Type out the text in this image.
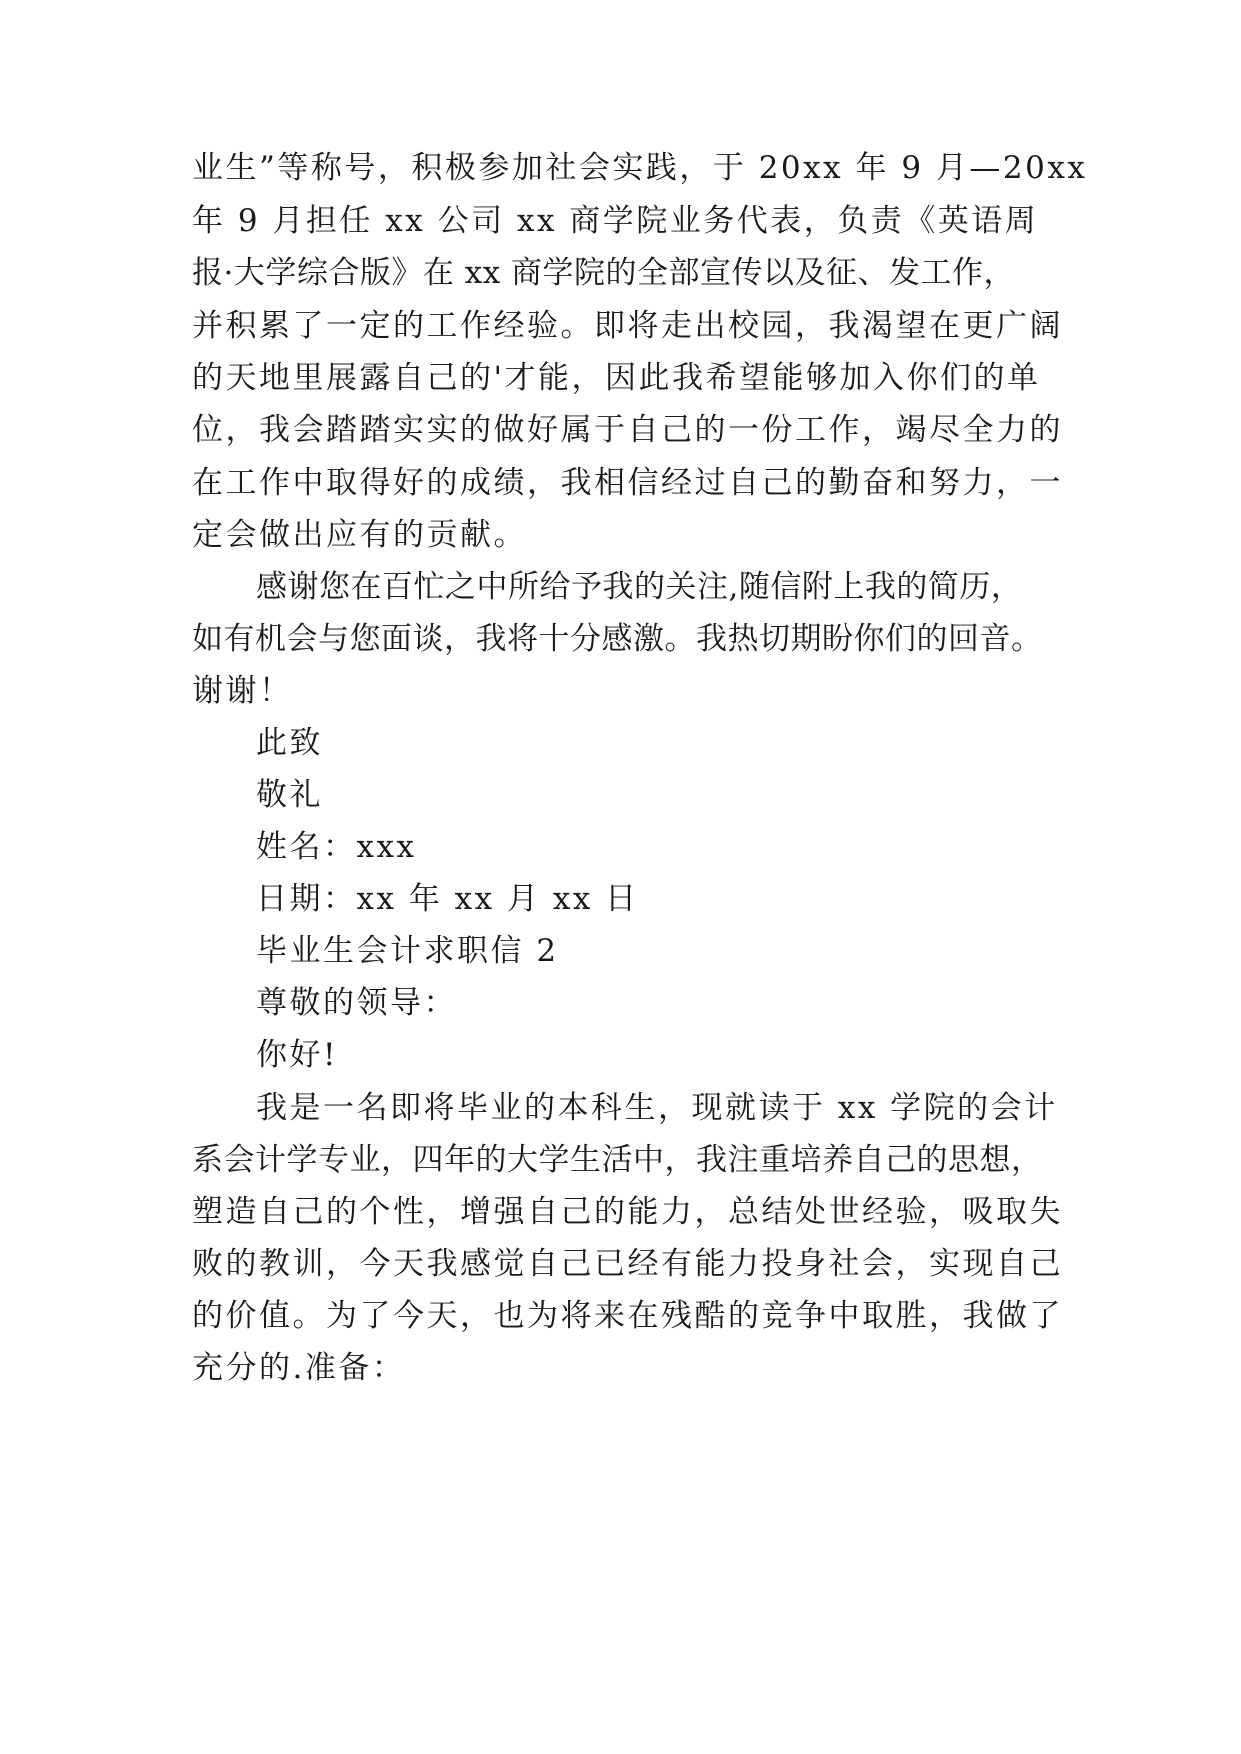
业生”等称号，积极参加社会实践，于 20xx 年 9 月—20xx
年 9 月担任 xx 公司 xx 商学院业务代表，负责《英语周
报·大学综合版》在 xx 商学院的全部宣传以及征、发工作，
并积累了一定的工作经验。即将走出校园，我渴望在更广阔
的天地里展露自己的'才能，因此我希望能够加入你们的单
位，我会踏踏实实的做好属于自己的一份工作，竭尽全力的
在工作中取得好的成绩，我相信经过自己的勤奋和努力，一
定会做出应有的贡献。
感谢您在百忙之中所给予我的关注,随信附上我的简历，
如有机会与您面谈，我将十分感激。我热切期盼你们的回音。
谢谢！
此致
敬礼
姓名：xxx
日期：xx 年 xx 月 xx 日
毕业生会计求职信 2
尊敬的领导：
你好!
我是一名即将毕业的本科生，现就读于 xx 学院的会计
系会计学专业，四年的大学生活中，我注重培养自己的思想，
塑造自己的个性，增强自己的能力，总结处世经验，吸取失
败的教训，今天我感觉自己已经有能力投身社会，实现自己
的价值。为了今天，也为将来在残酷的竞争中取胜，我做了
充分的.准备：
